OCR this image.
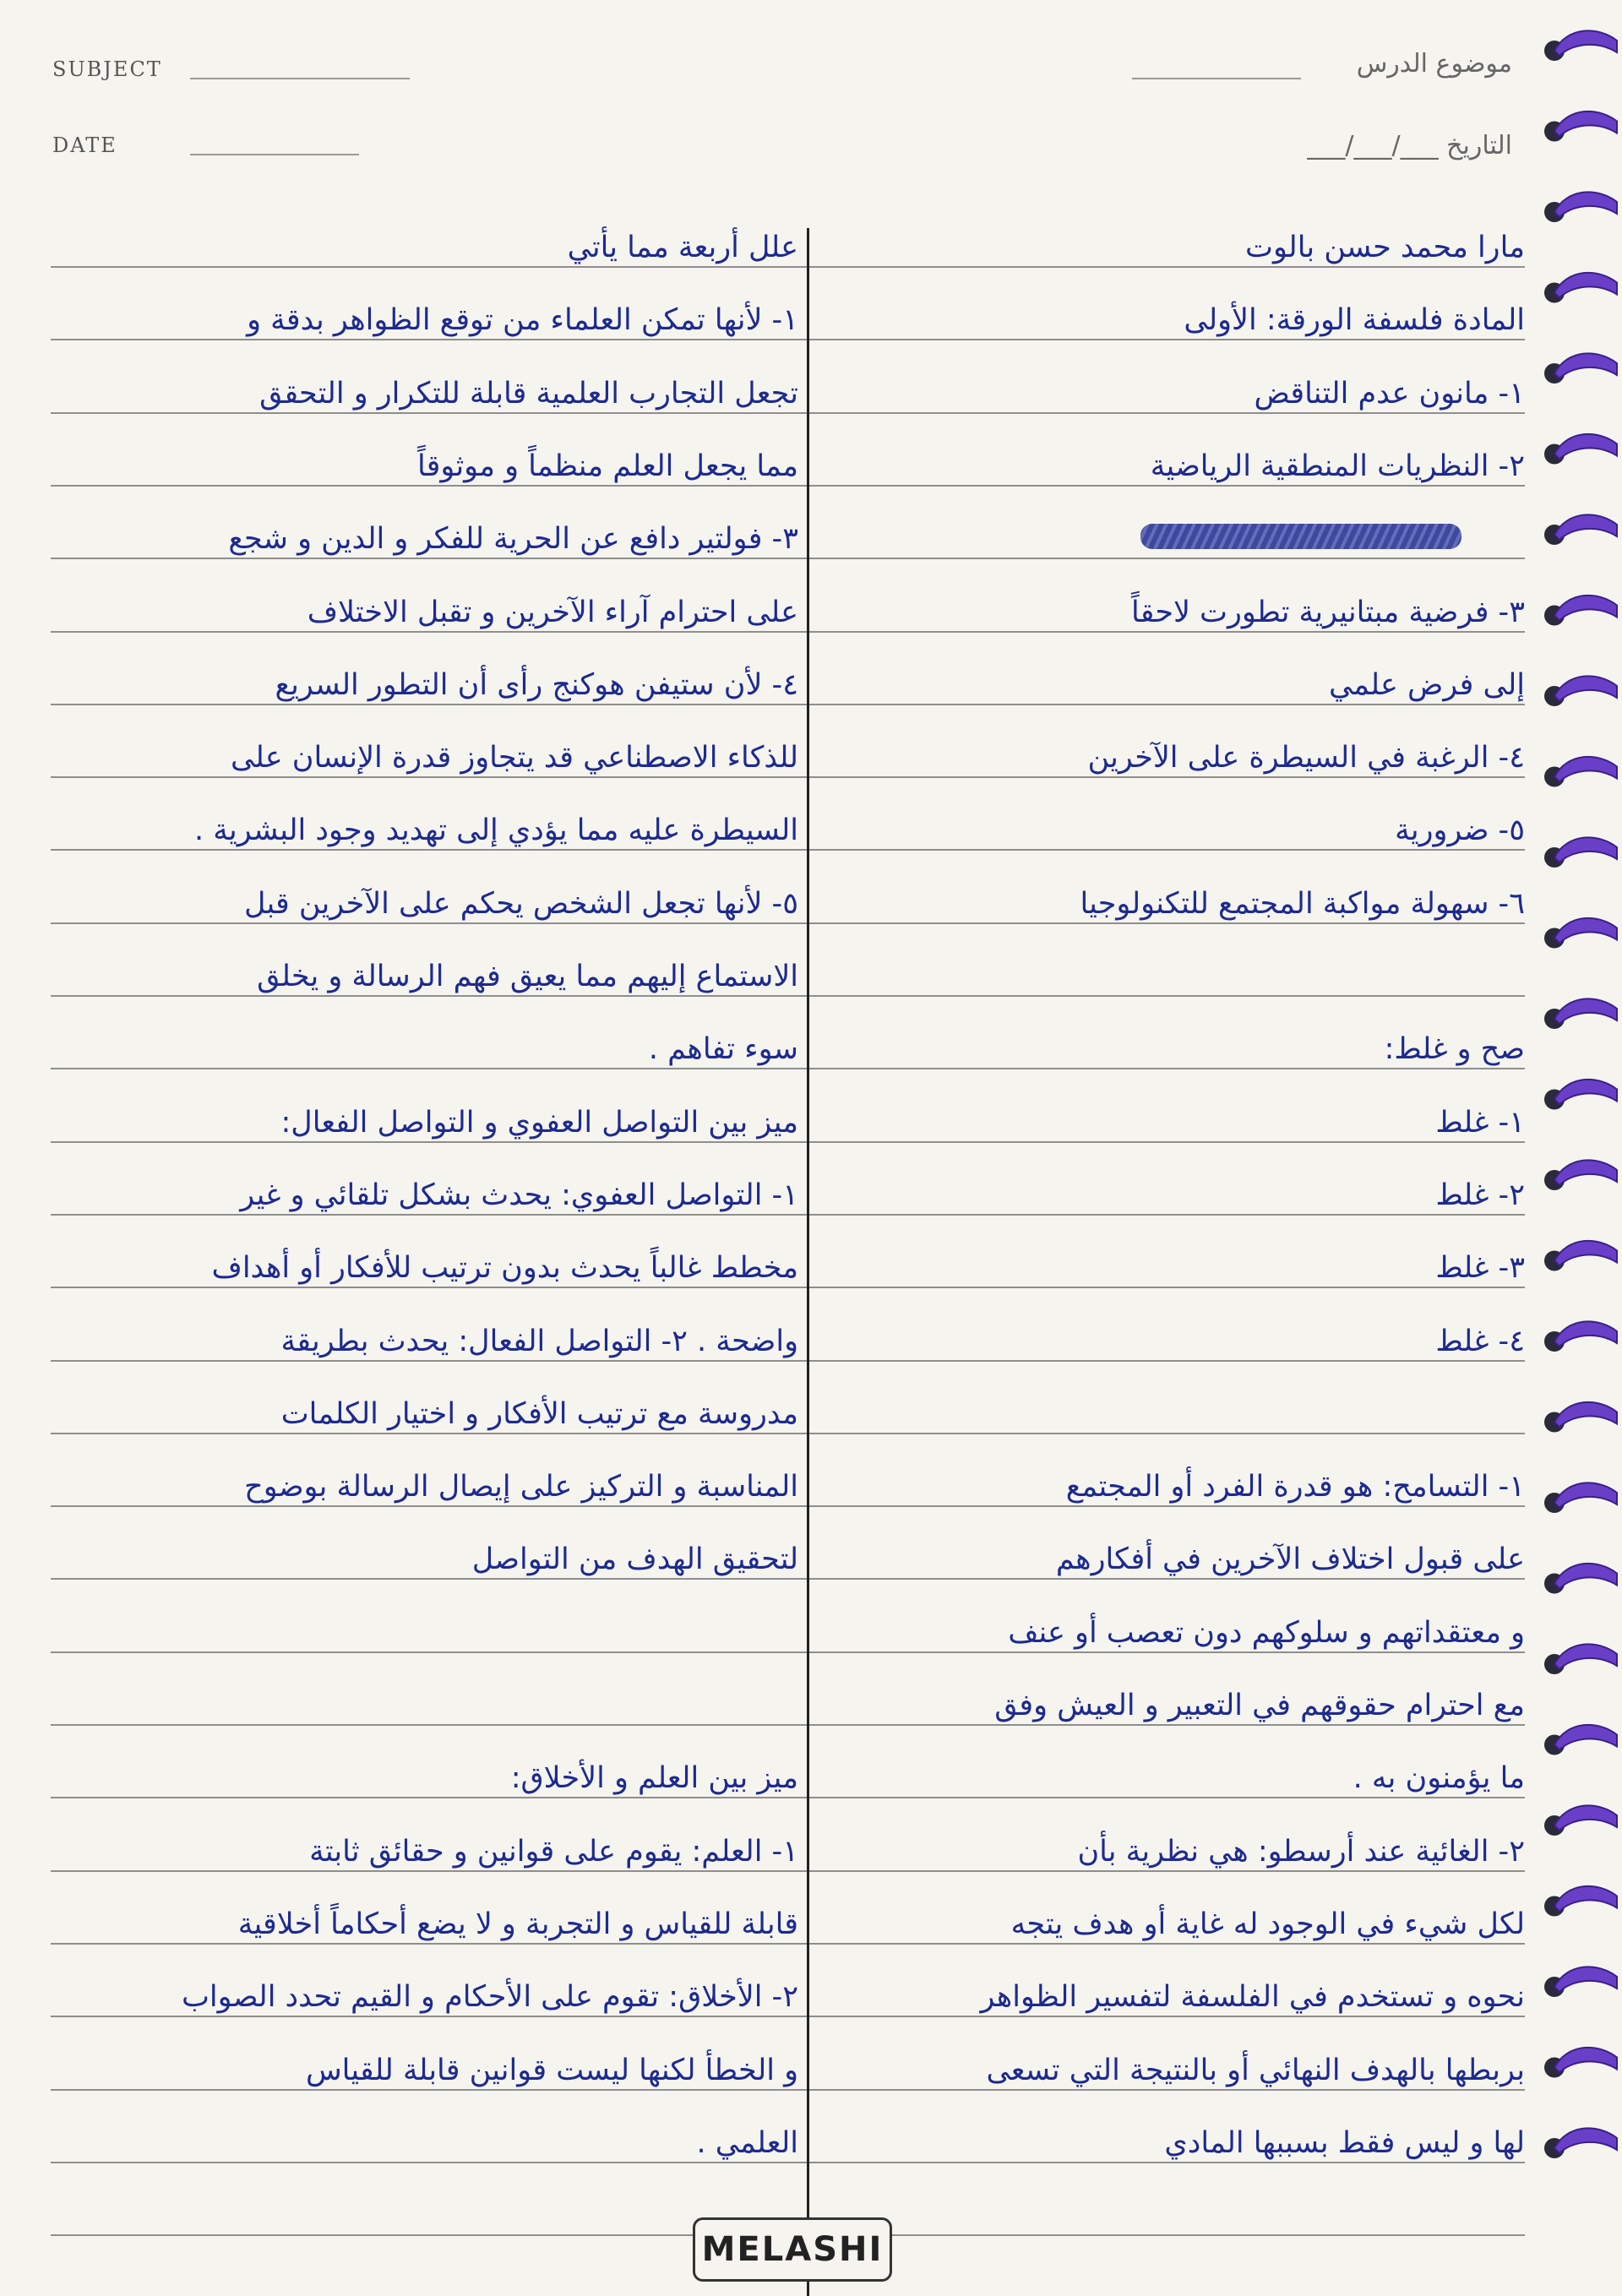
SUBJECT
DATE
موضوع الدرس
التاريخ ___/___/___
علل أربعة مما يأتي
١- لأنها تمكن العلماء من توقع الظواهر بدقة و
تجعل التجارب العلمية قابلة للتكرار و التحقق
مما يجعل العلم منظماً و موثوقاً
٣- فولتير دافع عن الحرية للفكر و الدين و شجع
على احترام آراء الآخرين و تقبل الاختلاف
٤- لأن ستيفن هوكنج رأى أن التطور السريع
للذكاء الاصطناعي قد يتجاوز قدرة الإنسان على
السيطرة عليه مما يؤدي إلى تهديد وجود البشرية .
٥- لأنها تجعل الشخص يحكم على الآخرين قبل
الاستماع إليهم مما يعيق فهم الرسالة و يخلق
سوء تفاهم .
ميز بين التواصل العفوي و التواصل الفعال:
١- التواصل العفوي: يحدث بشكل تلقائي و غير
مخطط غالباً يحدث بدون ترتيب للأفكار أو أهداف
واضحة . ٢- التواصل الفعال: يحدث بطريقة
مدروسة مع ترتيب الأفكار و اختيار الكلمات
المناسبة و التركيز على إيصال الرسالة بوضوح
لتحقيق الهدف من التواصل
ميز بين العلم و الأخلاق:
١- العلم: يقوم على قوانين و حقائق ثابتة
قابلة للقياس و التجربة و لا يضع أحكاماً أخلاقية
٢- الأخلاق: تقوم على الأحكام و القيم تحدد الصواب
و الخطأ لكنها ليست قوانين قابلة للقياس
العلمي .
مارا محمد حسن بالوت
المادة فلسفة الورقة: الأولى
١- مانون عدم التناقض
٢- النظريات المنطقية الرياضية
٣- فرضية مبتانيرية تطورت لاحقاً
إلى فرض علمي
٤- الرغبة في السيطرة على الآخرين
٥- ضرورية
٦- سهولة مواكبة المجتمع للتكنولوجيا
صح و غلط:
١- غلط
٢- غلط
٣- غلط
٤- غلط
١- التسامح: هو قدرة الفرد أو المجتمع
على قبول اختلاف الآخرين في أفكارهم
و معتقداتهم و سلوكهم دون تعصب أو عنف
مع احترام حقوقهم في التعبير و العيش وفق
ما يؤمنون به .
٢- الغائية عند أرسطو: هي نظرية بأن
لكل شيء في الوجود له غاية أو هدف يتجه
نحوه و تستخدم في الفلسفة لتفسير الظواهر
بربطها بالهدف النهائي أو بالنتيجة التي تسعى
لها و ليس فقط بسببها المادي
MELASHI
